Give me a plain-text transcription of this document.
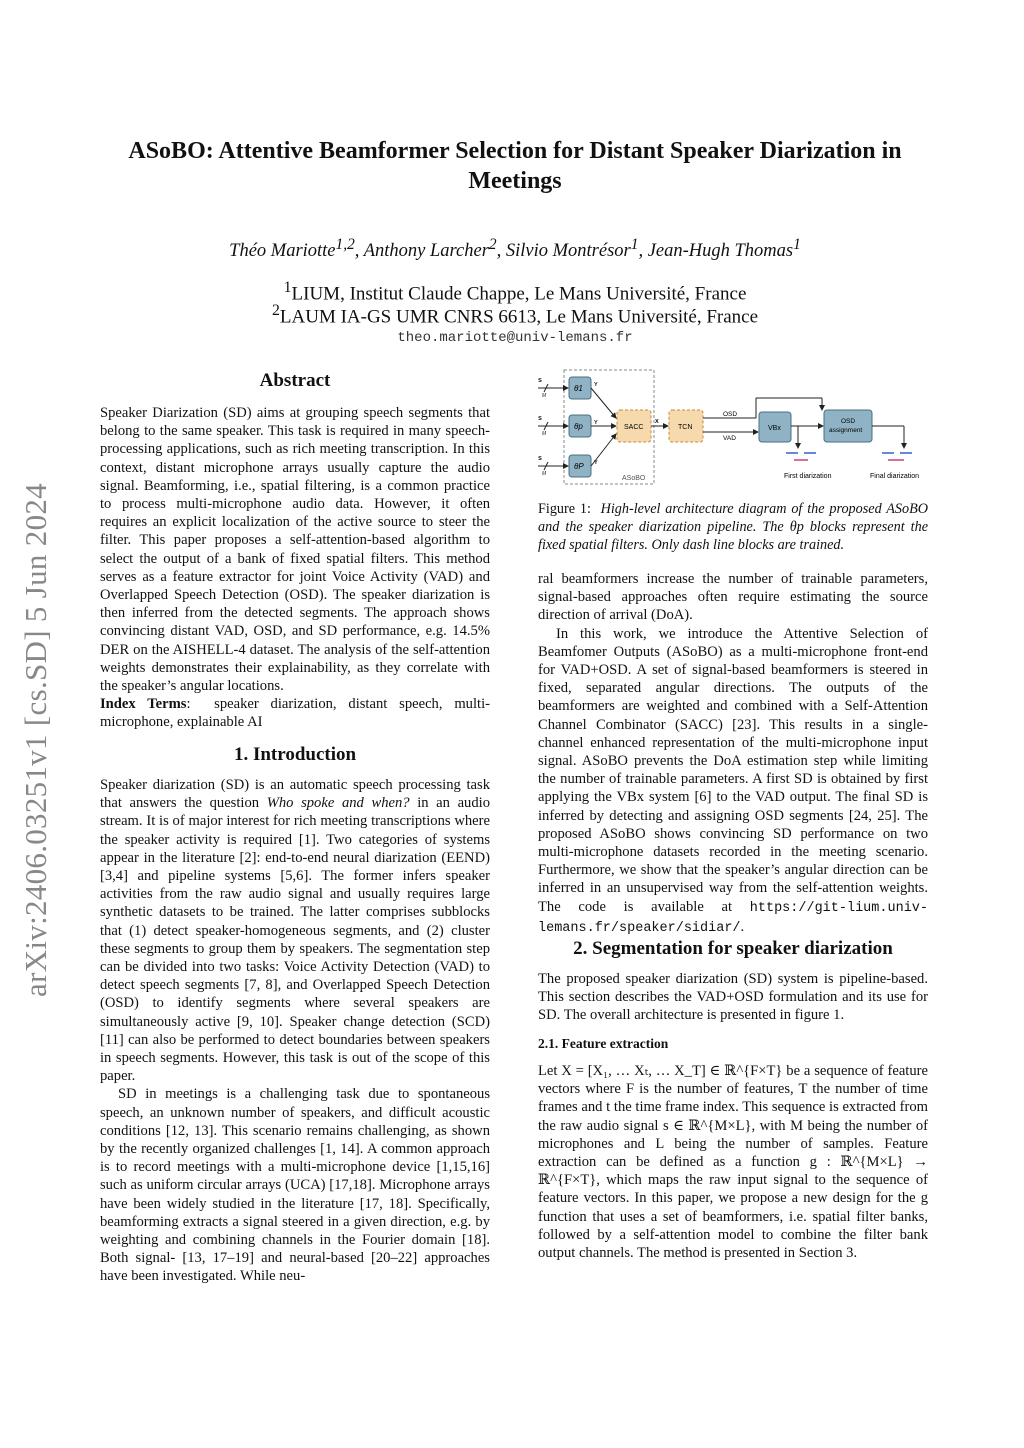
arXiv:2406.03251v1 [cs.SD] 5 Jun 2024
ASoBO: Attentive Beamformer Selection for Distant Speaker Diarization in Meetings
Théo Mariotte$^{1,2}$, Anthony Larcher$^2$, Silvio Montrésor$^1$, Jean-Hugh Thomas$^1$
$^1$LIUM, Institut Claude Chappe, Le Mans Université, France
$^2$LAUM IA-GS UMR CNRS 6613, Le Mans Université, France
theo.mariotte@univ-lemans.fr
Abstract

Speaker Diarization (SD) aims at grouping speech segments that belong to the same speaker. This task is required in many speech-processing applications, such as rich meeting transcription. In this context, distant microphone arrays usually capture the audio signal. Beamforming, i.e., spatial filtering, is a common practice to process multi-microphone audio data. However, it often requires an explicit localization of the active source to steer the filter. This paper proposes a self-attention-based algorithm to select the output of a bank of fixed spatial filters. This method serves as a feature extractor for joint Voice Activity (VAD) and Overlapped Speech Detection (OSD). The speaker diarization is then inferred from the detected segments. The approach shows convincing distant VAD, OSD, and SD performance, e.g. 14.5% DER on the AISHELL-4 dataset. The analysis of the self-attention weights demonstrates their explainability, as they correlate with the speaker’s angular locations.

Index Terms:  speaker diarization, distant speech, multi-microphone, explainable AI

1. Introduction

Speaker diarization (SD) is an automatic speech processing task that answers the question Who spoke and when? in an audio stream. It is of major interest for rich meeting transcriptions where the speaker activity is required [1]. Two categories of systems appear in the literature [2]: end-to-end neural diarization (EEND) [3,4] and pipeline systems [5,6]. The former infers speaker activities from the raw audio signal and usually requires large synthetic datasets to be trained. The latter comprises subblocks that (1) detect speaker-homogeneous segments, and (2) cluster these segments to group them by speakers. The segmentation step can be divided into two tasks: Voice Activity Detection (VAD) to detect speech segments [7, 8], and Overlapped Speech Detection (OSD) to identify segments where several speakers are simultaneously active [9, 10]. Speaker change detection (SCD) [11] can also be performed to detect boundaries between speakers in speech segments. However, this task is out of the scope of this paper.

SD in meetings is a challenging task due to spontaneous speech, an unknown number of speakers, and difficult acoustic conditions [12, 13]. This scenario remains challenging, as shown by the recently organized challenges [1, 14]. A common approach is to record meetings with a multi-microphone device [1,15,16] such as uniform circular arrays (UCA) [17,18]. Microphone arrays have been widely studied in the literature [17, 18]. Specifically, beamforming extracts a signal steered in a given direction, e.g. by weighting and combining channels in the Fourier domain [18]. Both signal- [13, 17–19] and neural-based [20–22] approaches have been investigated. While neu-

ASoBO
s
s
s
M
M
M
θ1
θp
θP
Y
Y
Y
SACC
X
TCN
OSD
VAD
VBx
OSD
assignment
First diarization	Final diarization
Figure 1: High-level architecture diagram of the proposed ASoBO and the speaker diarization pipeline. The θp blocks represent the fixed spatial filters. Only dash line blocks are trained.

ral beamformers increase the number of trainable parameters, signal-based approaches often require estimating the source direction of arrival (DoA).

In this work, we introduce the Attentive Selection of Beamfomer Outputs (ASoBO) as a multi-microphone front-end for VAD+OSD. A set of signal-based beamformers is steered in fixed, separated angular directions. The outputs of the beamformers are weighted and combined with a Self-Attention Channel Combinator (SACC) [23]. This results in a single-channel enhanced representation of the multi-microphone input signal. ASoBO prevents the DoA estimation step while limiting the number of trainable parameters. A first SD is obtained by first applying the VBx system [6] to the VAD output. The final SD is inferred by detecting and assigning OSD segments [24, 25]. The proposed ASoBO shows convincing SD performance on two multi-microphone datasets recorded in the meeting scenario. Furthermore, we show that the speaker’s angular direction can be inferred in an unsupervised way from the self-attention weights. The code is available at https://git-lium.univ-lemans.fr/speaker/sidiar/.

2. Segmentation for speaker diarization

The proposed speaker diarization (SD) system is pipeline-based. This section describes the VAD+OSD formulation and its use for SD. The overall architecture is presented in figure 1.

2.1. Feature extraction

Let X = [X₁, … Xₜ, … X_T] ∈ ℝ^{F×T} be a sequence of feature vectors where F is the number of features, T the number of time frames and t the time frame index. This sequence is extracted from the raw audio signal s ∈ ℝ^{M×L}, with M being the number of microphones and L being the number of samples. Feature extraction can be defined as a function g : ℝ^{M×L} → ℝ^{F×T}, which maps the raw input signal to the sequence of feature vectors. In this paper, we propose a new design for the g function that uses a set of beamformers, i.e. spatial filter banks, followed by a self-attention model to combine the filter bank output channels. The method is presented in Section 3.
